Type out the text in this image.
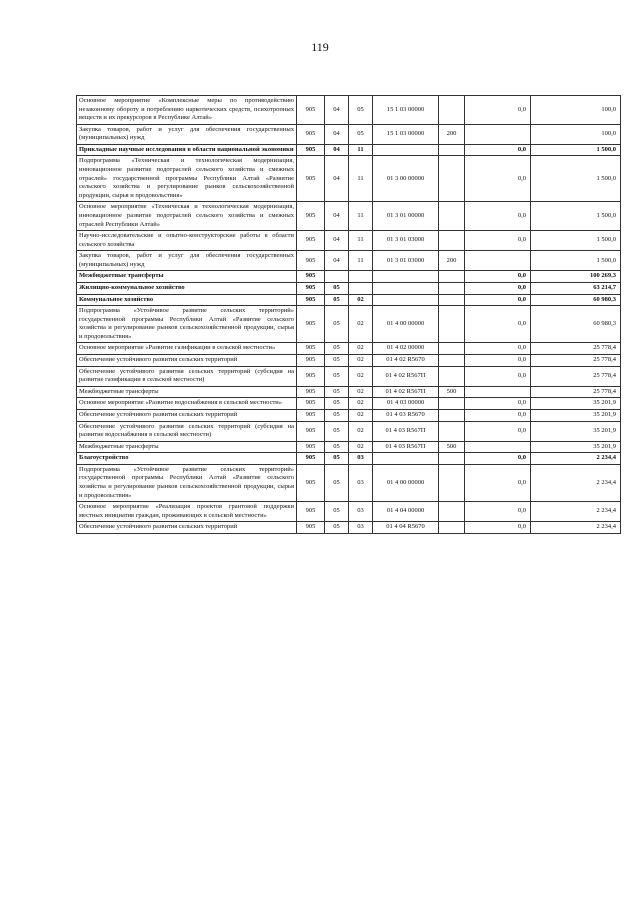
119
Основное мероприятие «Комплексные меры по противодействию незаконному обороту и потреблению наркотических средств, психотропных веществ и их прекурсоров в Республике Алтай»	905	04	05	15 1 03 00000		0,0	100,0
Закупка товаров, работ и услуг для обеспечения государственных (муниципальных) нужд	905	04	05	15 1 03 00000	200		100,0
Прикладные научные исследования в области национальной экономики	905	04	11			0,0	1 500,0
Подпрограмма «Техническая и технологическая модернизация, инновационное развитие подотраслей сельского хозяйства и смежных отраслей» государственной программы Республики Алтай «Развитие сельского хозяйства и регулирование рынков сельскохозяйственной продукции, сырья и продовольствия»	905	04	11	01 3 00 00000		0,0	1 500,0
Основное мероприятие «Техническая и технологическая модернизация, инновационное развитие подотраслей сельского хозяйства и смежных отраслей Республики Алтай»	905	04	11	01 3 01 00000		0,0	1 500,0
Научно-исследовательские и опытно-конструкторские работы в области сельского хозяйства	905	04	11	01 3 01 03000		0,0	1 500,0
Закупка товаров, работ и услуг для обеспечения государственных (муниципальных) нужд	905	04	11	01 3 01 03000	200		1 500,0
Межбюджетные трансферты	905					0,0	100 269,3
Жилищно-коммунальное хозяйство	905	05				0,0	63 214,7
Коммунальное хозяйство	905	05	02			0,0	60 980,3
Подпрограмма «Устойчивое развитие сельских территорий» государственной программы Республики Алтай «Развитие сельского хозяйства и регулирование рынков сельскохозяйственной продукции, сырья и продовольствия»	905	05	02	01 4 00 00000		0,0	60 980,3
Основное мероприятие «Развитие газификации в сельской местности»	905	05	02	01 4 02 00000		0,0	25 778,4
Обеспечение устойчивого развития сельских территорий	905	05	02	01 4 02 R5670		0,0	25 778,4
Обеспечение устойчивого развития сельских территорий (субсидия на развитие газификации в сельской местности)	905	05	02	01 4 02 R567П		0,0	25 778,4
Межбюджетные трансферты	905	05	02	01 4 02 R567П	500		25 778,4
Основное мероприятие «Развитие водоснабжения в сельской местности»	905	05	02	01 4 03 00000		0,0	35 201,9
Обеспечение устойчивого развития сельских территорий	905	05	02	01 4 03 R5670		0,0	35 201,9
Обеспечение устойчивого развития сельских территорий (субсидия на развитие водоснабжения в сельской местности)	905	05	02	01 4 03 R567П		0,0	35 201,9
Межбюджетные трансферты	905	05	02	01 4 03 R567П	500		35 201,9
Благоустройство	905	05	03			0,0	2 234,4
Подпрограмма «Устойчивое развитие сельских территорий» государственной программы Республики Алтай «Развитие сельского хозяйства и регулирование рынков сельскохозяйственной продукции, сырья и продовольствия»	905	05	03	01 4 00 00000		0,0	2 234,4
Основное мероприятие «Реализация проектов грантовой поддержки местных инициатив граждан, проживающих в сельской местности»	905	05	03	01 4 04 00000		0,0	2 234,4
Обеспечение устойчивого развития сельских территорий	905	05	03	01 4 04 R5670		0,0	2 234,4
